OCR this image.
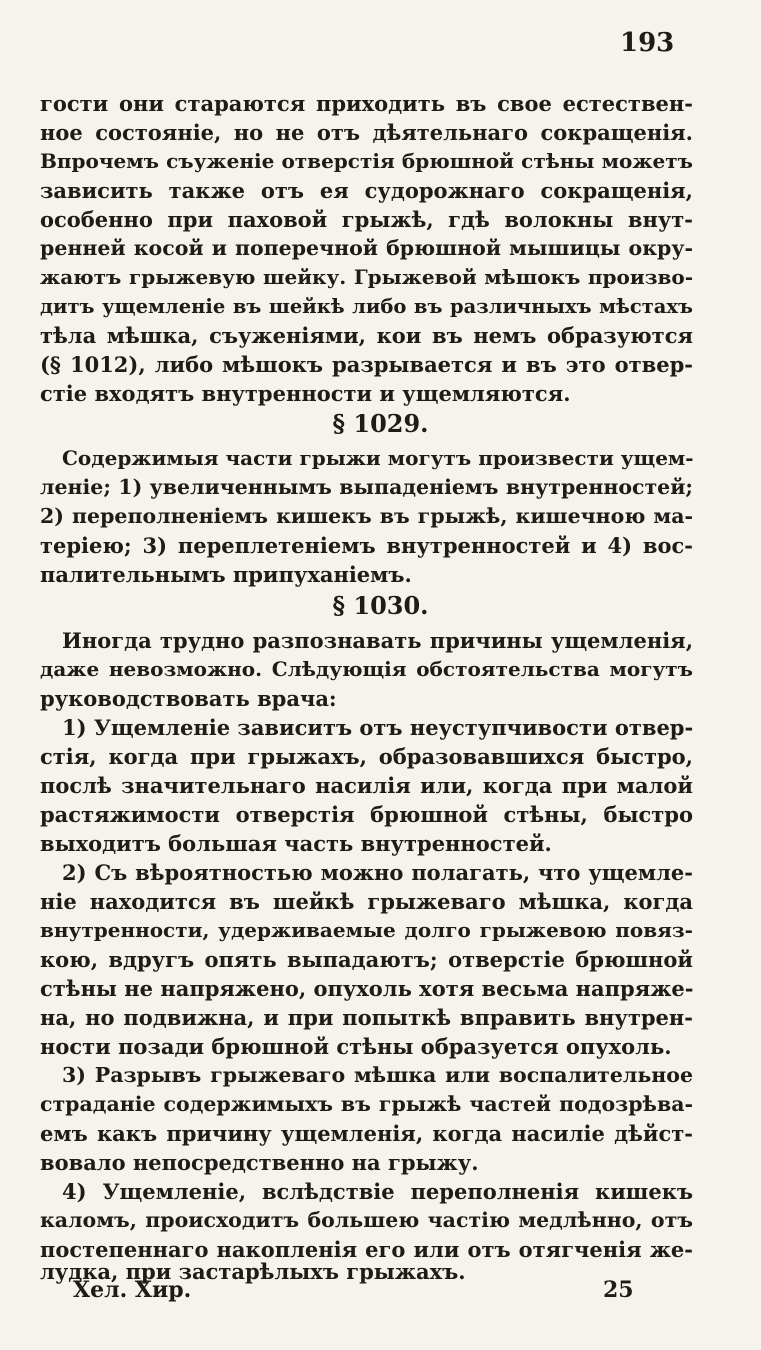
193
гости они стараются приходить въ свое естествен-
ное состояніе, но не отъ дѣятельнаго сокращенія.
Впрочемъ съуженіе отверстія брюшной стѣны можетъ
зависить также отъ ея судорожнаго сокращенія,
особенно при паховой грыжѣ, гдѣ волокны внут-
ренней косой и поперечной брюшной мышицы окру-
жаютъ грыжевую шейку. Грыжевой мѣшокъ произво-
дитъ ущемленіе въ шейкѣ либо въ различныхъ мѣстахъ
тѣла мѣшка, съуженіями, кои въ немъ образуются
(§ 1012), либо мѣшокъ разрывается и въ это отвер-
стіе входятъ внутренности и ущемляются.
§ 1029.
Содержимыя части грыжи могутъ произвести ущем-
леніе; 1) увеличеннымъ выпаденіемъ внутренностей;
2) переполненіемъ кишекъ въ грыжѣ, кишечною ма-
теріею; 3) переплетеніемъ внутренностей и 4) вос-
палительнымъ припуханіемъ.
§ 1030.
Иногда трудно разпознавать причины ущемленія,
даже невозможно. Слѣдующія обстоятельства могутъ
руководствовать врача:
1) Ущемленіе зависитъ отъ неуступчивости отвер-
стія, когда при грыжахъ, образовавшихся быстро,
послѣ значительнаго насилія или, когда при малой
растяжимости отверстія брюшной стѣны, быстро
выходитъ большая часть внутренностей.
2) Съ вѣроятностью можно полагать, что ущемле-
ніе находится въ шейкѣ грыжеваго мѣшка, когда
внутренности, удерживаемые долго грыжевою повяз-
кою, вдругъ опять выпадаютъ; отверстіе брюшной
стѣны не напряжено, опухоль хотя весьма напряже-
на, но подвижна, и при попыткѣ вправить внутрен-
ности позади брюшной стѣны образуется опухоль.
3) Разрывъ грыжеваго мѣшка или воспалительное
страданіе содержимыхъ въ грыжѣ частей подозрѣва-
емъ какъ причину ущемленія, когда насиліе дѣйст-
вовало непосредственно на грыжу.
4) Ущемленіе, вслѣдствіе переполненія кишекъ
каломъ, происходитъ большею частію медлѣнно, отъ
постепеннаго накопленія его или отъ отягченія же-
лудка, при застарѣлыхъ грыжахъ.
Хел. Хир.	25
